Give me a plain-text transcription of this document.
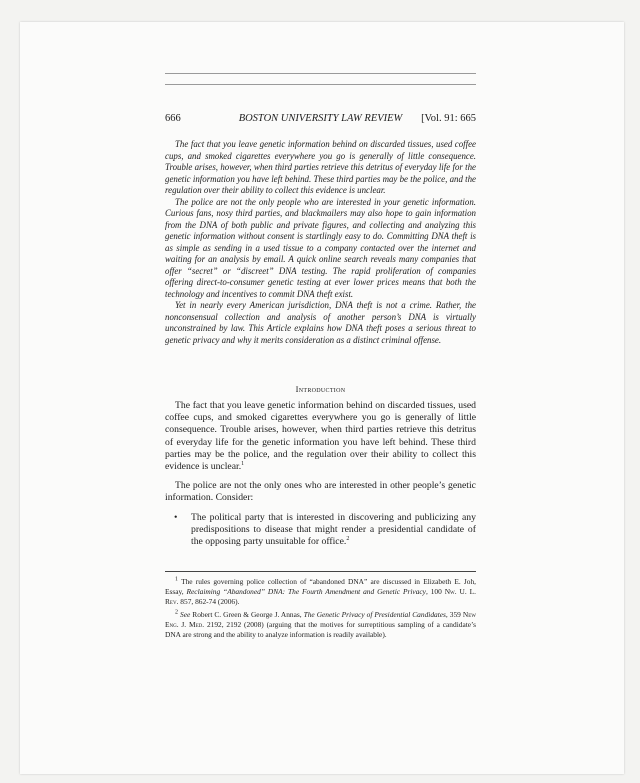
666	BOSTON UNIVERSITY LAW REVIEW	[Vol. 91: 665

The fact that you leave genetic information behind on discarded tissues, used coffee cups, and smoked cigarettes everywhere you go is generally of little consequence. Trouble arises, however, when third parties retrieve this detritus of everyday life for the genetic information you have left behind. These third parties may be the police, and the regulation over their ability to collect this evidence is unclear.

The police are not the only people who are interested in your genetic information. Curious fans, nosy third parties, and blackmailers may also hope to gain information from the DNA of both public and private figures, and collecting and analyzing this genetic information without consent is startlingly easy to do. Committing DNA theft is as simple as sending in a used tissue to a company contacted over the internet and waiting for an analysis by email. A quick online search reveals many companies that offer “secret” or “discreet” DNA testing. The rapid proliferation of companies offering direct-to-consumer genetic testing at ever lower prices means that both the technology and incentives to commit DNA theft exist.

Yet in nearly every American jurisdiction, DNA theft is not a crime. Rather, the nonconsensual collection and analysis of another person’s DNA is virtually unconstrained by law. This Article explains how DNA theft poses a serious threat to genetic privacy and why it merits consideration as a distinct criminal offense.

Introduction

The fact that you leave genetic information behind on discarded tissues, used coffee cups, and smoked cigarettes everywhere you go is generally of little consequence. Trouble arises, however, when third parties retrieve this detritus of everyday life for the genetic information you have left behind. These third parties may be the police, and the regulation over their ability to collect this evidence is unclear.$^1$

The police are not the only ones who are interested in other people’s genetic information. Consider:

• The political party that is interested in discovering and publicizing any predispositions to disease that might render a presidential candidate of the opposing party unsuitable for office.$^2$

$^1$ The rules governing police collection of “abandoned DNA” are discussed in Elizabeth E. Joh, Essay, Reclaiming “Abandoned” DNA: The Fourth Amendment and Genetic Privacy, 100 Nw. U. L. Rev. 857, 862-74 (2006).

$^2$ See Robert C. Green & George J. Annas, The Genetic Privacy of Presidential Candidates, 359 New Eng. J. Med. 2192, 2192 (2008) (arguing that the motives for surreptitious sampling of a candidate’s DNA are strong and the ability to analyze information is readily available).
